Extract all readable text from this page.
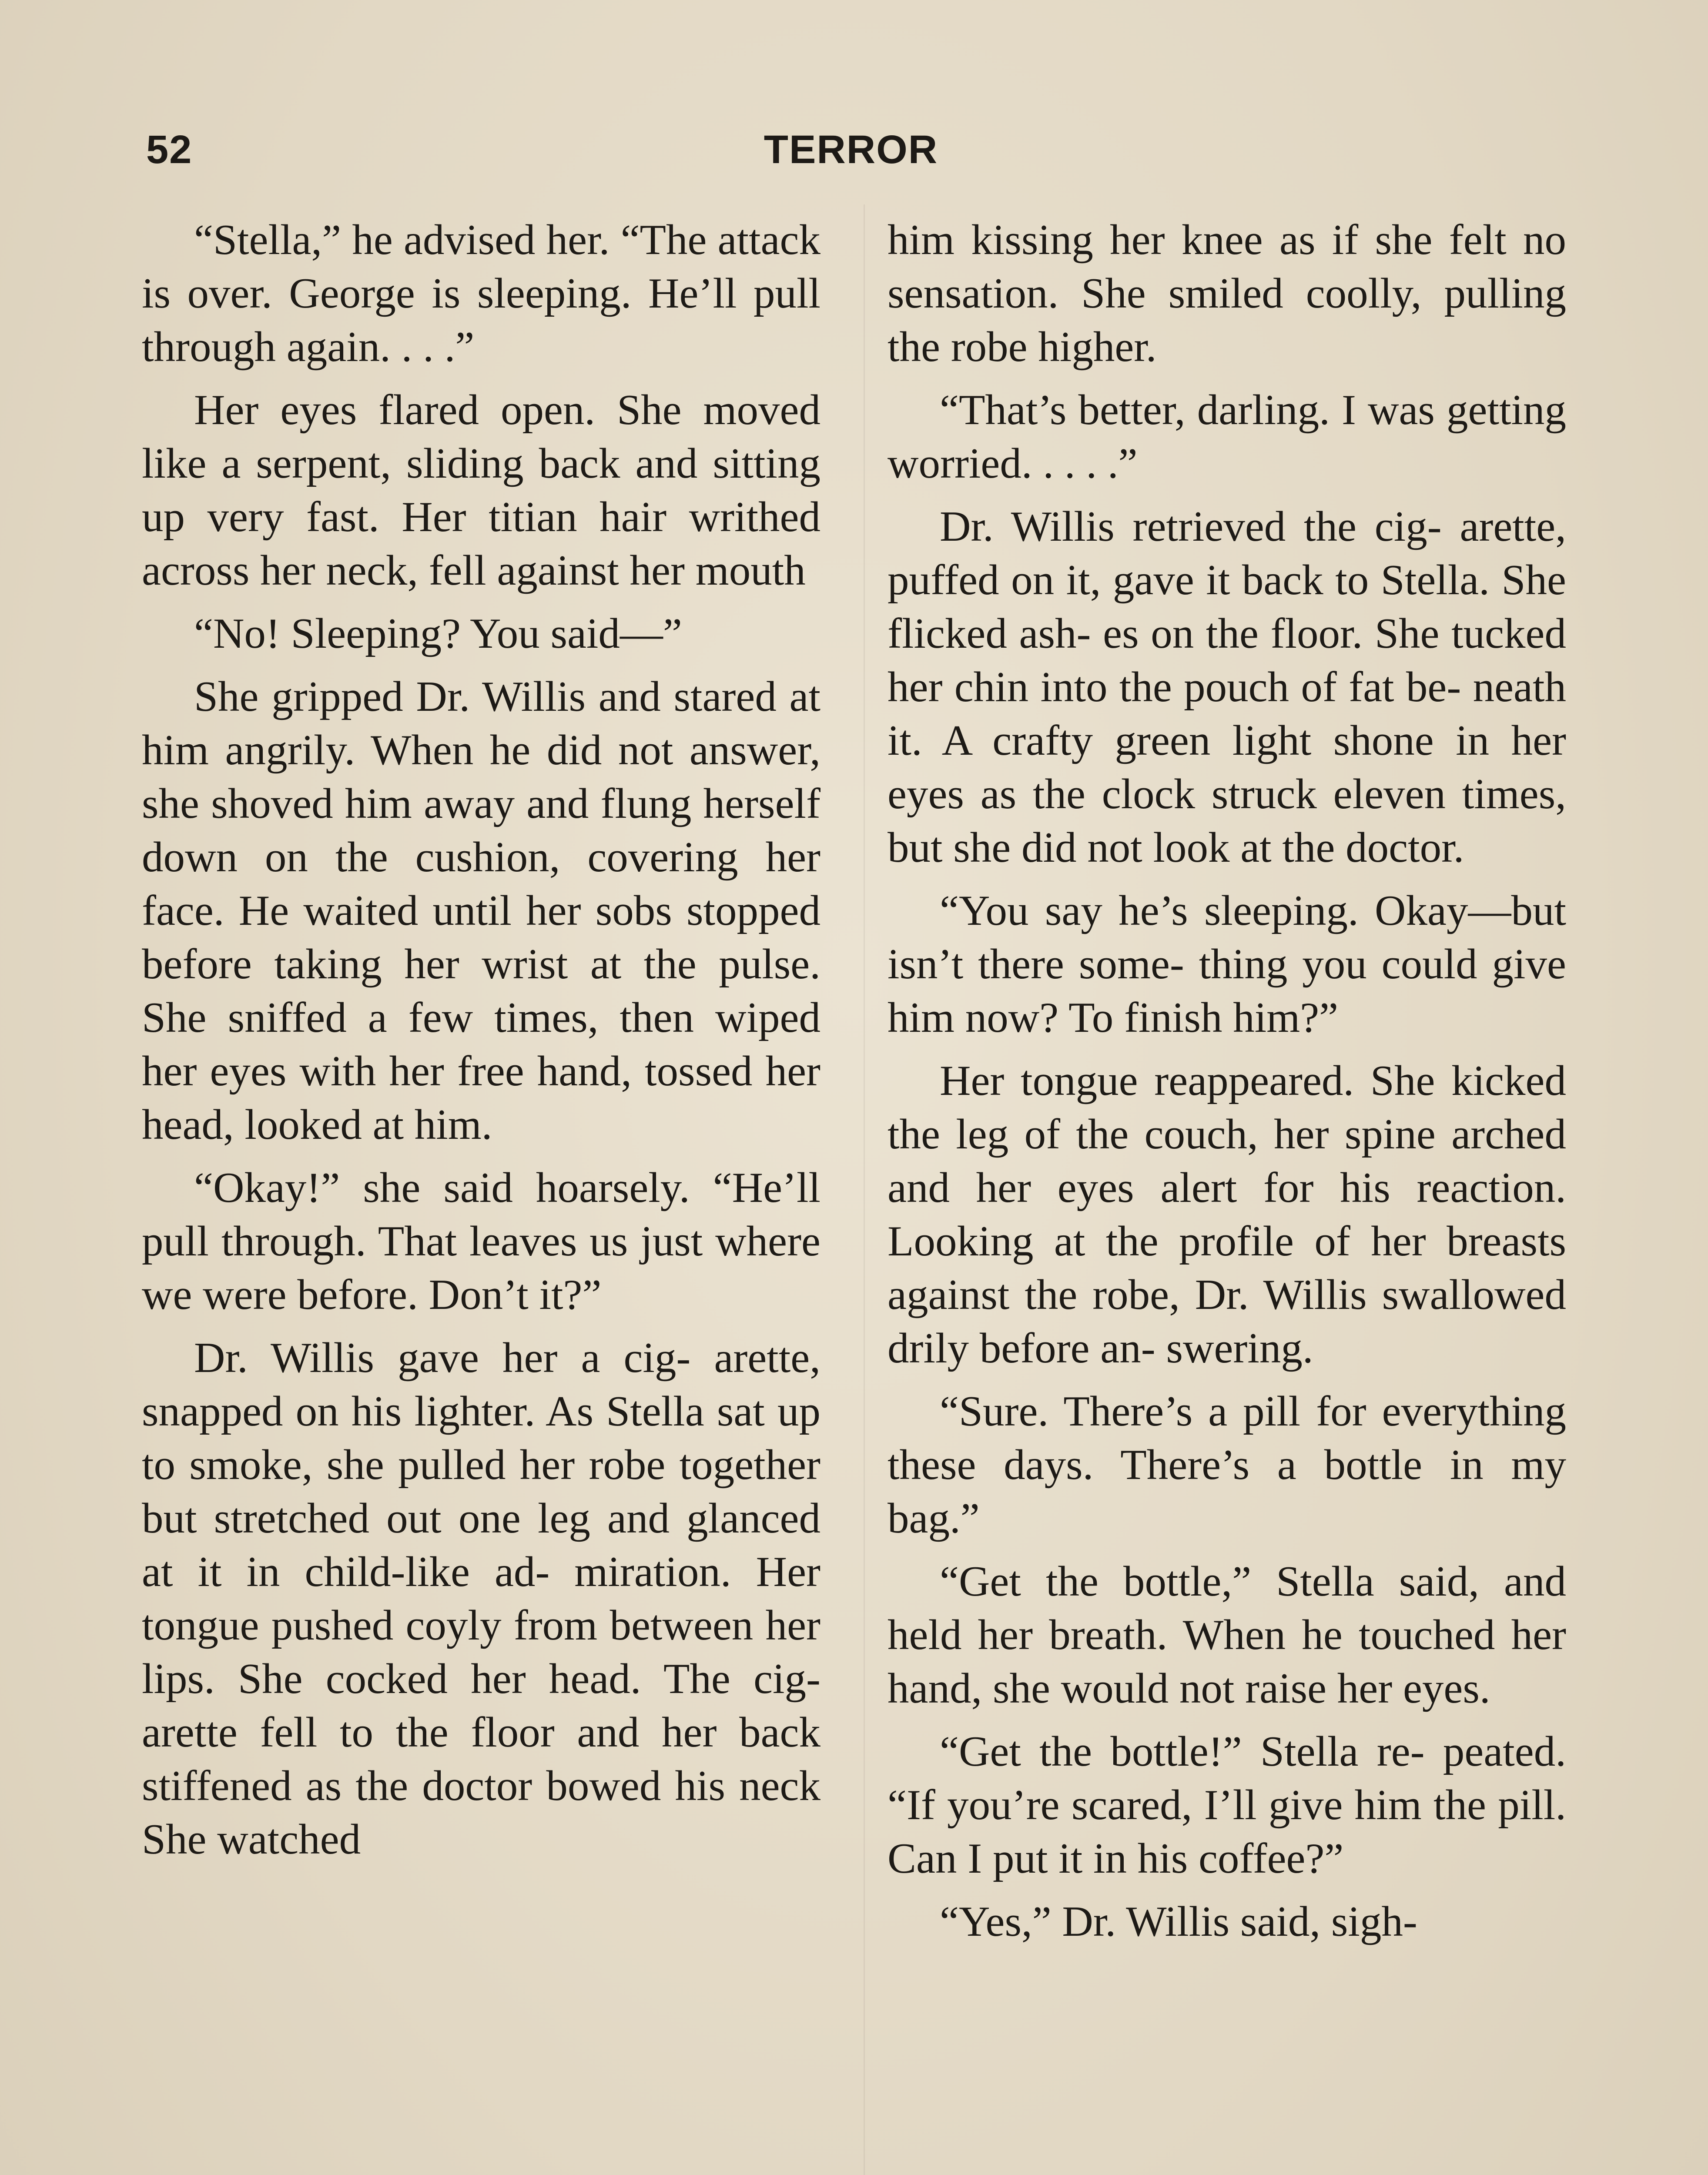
52	TERROR

“Stella,” he advised her. “The attack is over. George is sleeping. He’ll pull through again. . . .”

Her eyes flared open. She moved like a serpent, sliding back and sitting up very fast. Her titian hair writhed across her neck, fell against her mouth

“No! Sleeping? You said—”

She gripped Dr. Willis and stared at him angrily. When he did not answer, she shoved him away and flung herself down on the cushion, covering her face. He waited until her sobs stopped before taking her wrist at the pulse. She sniffed a few times, then wiped her eyes with her free hand, tossed her head, looked at him.

“Okay!” she said hoarsely. “He’ll pull through. That leaves us just where we were before. Don’t it?”

Dr. Willis gave her a cig- arette, snapped on his lighter. As Stella sat up to smoke, she pulled her robe together but stretched out one leg and glanced at it in child-like ad- miration. Her tongue pushed coyly from between her lips. She cocked her head. The cig- arette fell to the floor and her back stiffened as the doctor bowed his neck She watched

him kissing her knee as if she felt no sensation. She smiled coolly, pulling the robe higher.

“That’s better, darling. I was getting worried. . . . .”

Dr. Willis retrieved the cig- arette, puffed on it, gave it back to Stella. She flicked ash- es on the floor. She tucked her chin into the pouch of fat be- neath it. A crafty green light shone in her eyes as the clock struck eleven times, but she did not look at the doctor.

“You say he’s sleeping. Okay—but isn’t there some- thing you could give him now? To finish him?”

Her tongue reappeared. She kicked the leg of the couch, her spine arched and her eyes alert for his reaction. Looking at the profile of her breasts against the robe, Dr. Willis swallowed drily before an- swering.

“Sure. There’s a pill for everything these days. There’s a bottle in my bag.”

“Get the bottle,” Stella said, and held her breath. When he touched her hand, she would not raise her eyes.

“Get the bottle!” Stella re- peated. “If you’re scared, I’ll give him the pill. Can I put it in his coffee?”

“Yes,” Dr. Willis said, sigh-
